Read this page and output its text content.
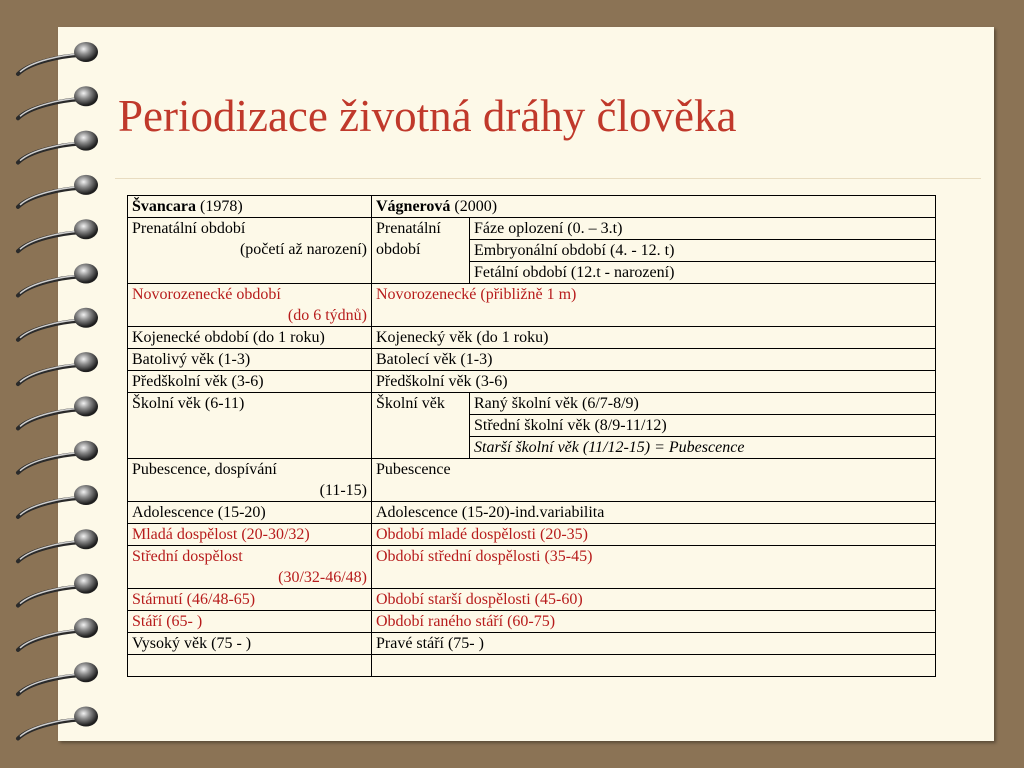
Periodizace životná dráhy člověka
Švancara (1978)	Vágnerová (2000)	
Prenatální období
(početí až narození)	Prenatální období	Fáze oplození (0. – 3.t)
		Embryonální období (4. - 12. t)
		Fetální období (12.t - narození)
Novorozenecké období
(do 6 týdnů)	Novorozenecké (přibližně 1 m)	
Kojenecké období (do 1 roku)	Kojenecký věk (do 1 roku)	
Batolivý věk (1-3)	Batolecí věk (1-3)	
Předškolní věk (3-6)	Předškolní věk (3-6)	
Školní věk (6-11)	Školní věk	Raný školní věk (6/7-8/9)
		Střední školní věk (8/9-11/12)
		Starší školní věk (11/12-15) = Pubescence
Pubescence, dospívání
(11-15)	Pubescence	
Adolescence (15-20)	Adolescence (15-20)-ind.variabilita	
Mladá dospělost (20-30/32)	Období mladé dospělosti (20-35)	
Střední dospělost
(30/32-46/48)	Období střední dospělosti (35-45)	
Stárnutí (46/48-65)	Období starší dospělosti (45-60)	
Stáří (65- )	Období raného stáří (60-75)	
Vysoký věk (75 - )	Pravé stáří (75- )	
